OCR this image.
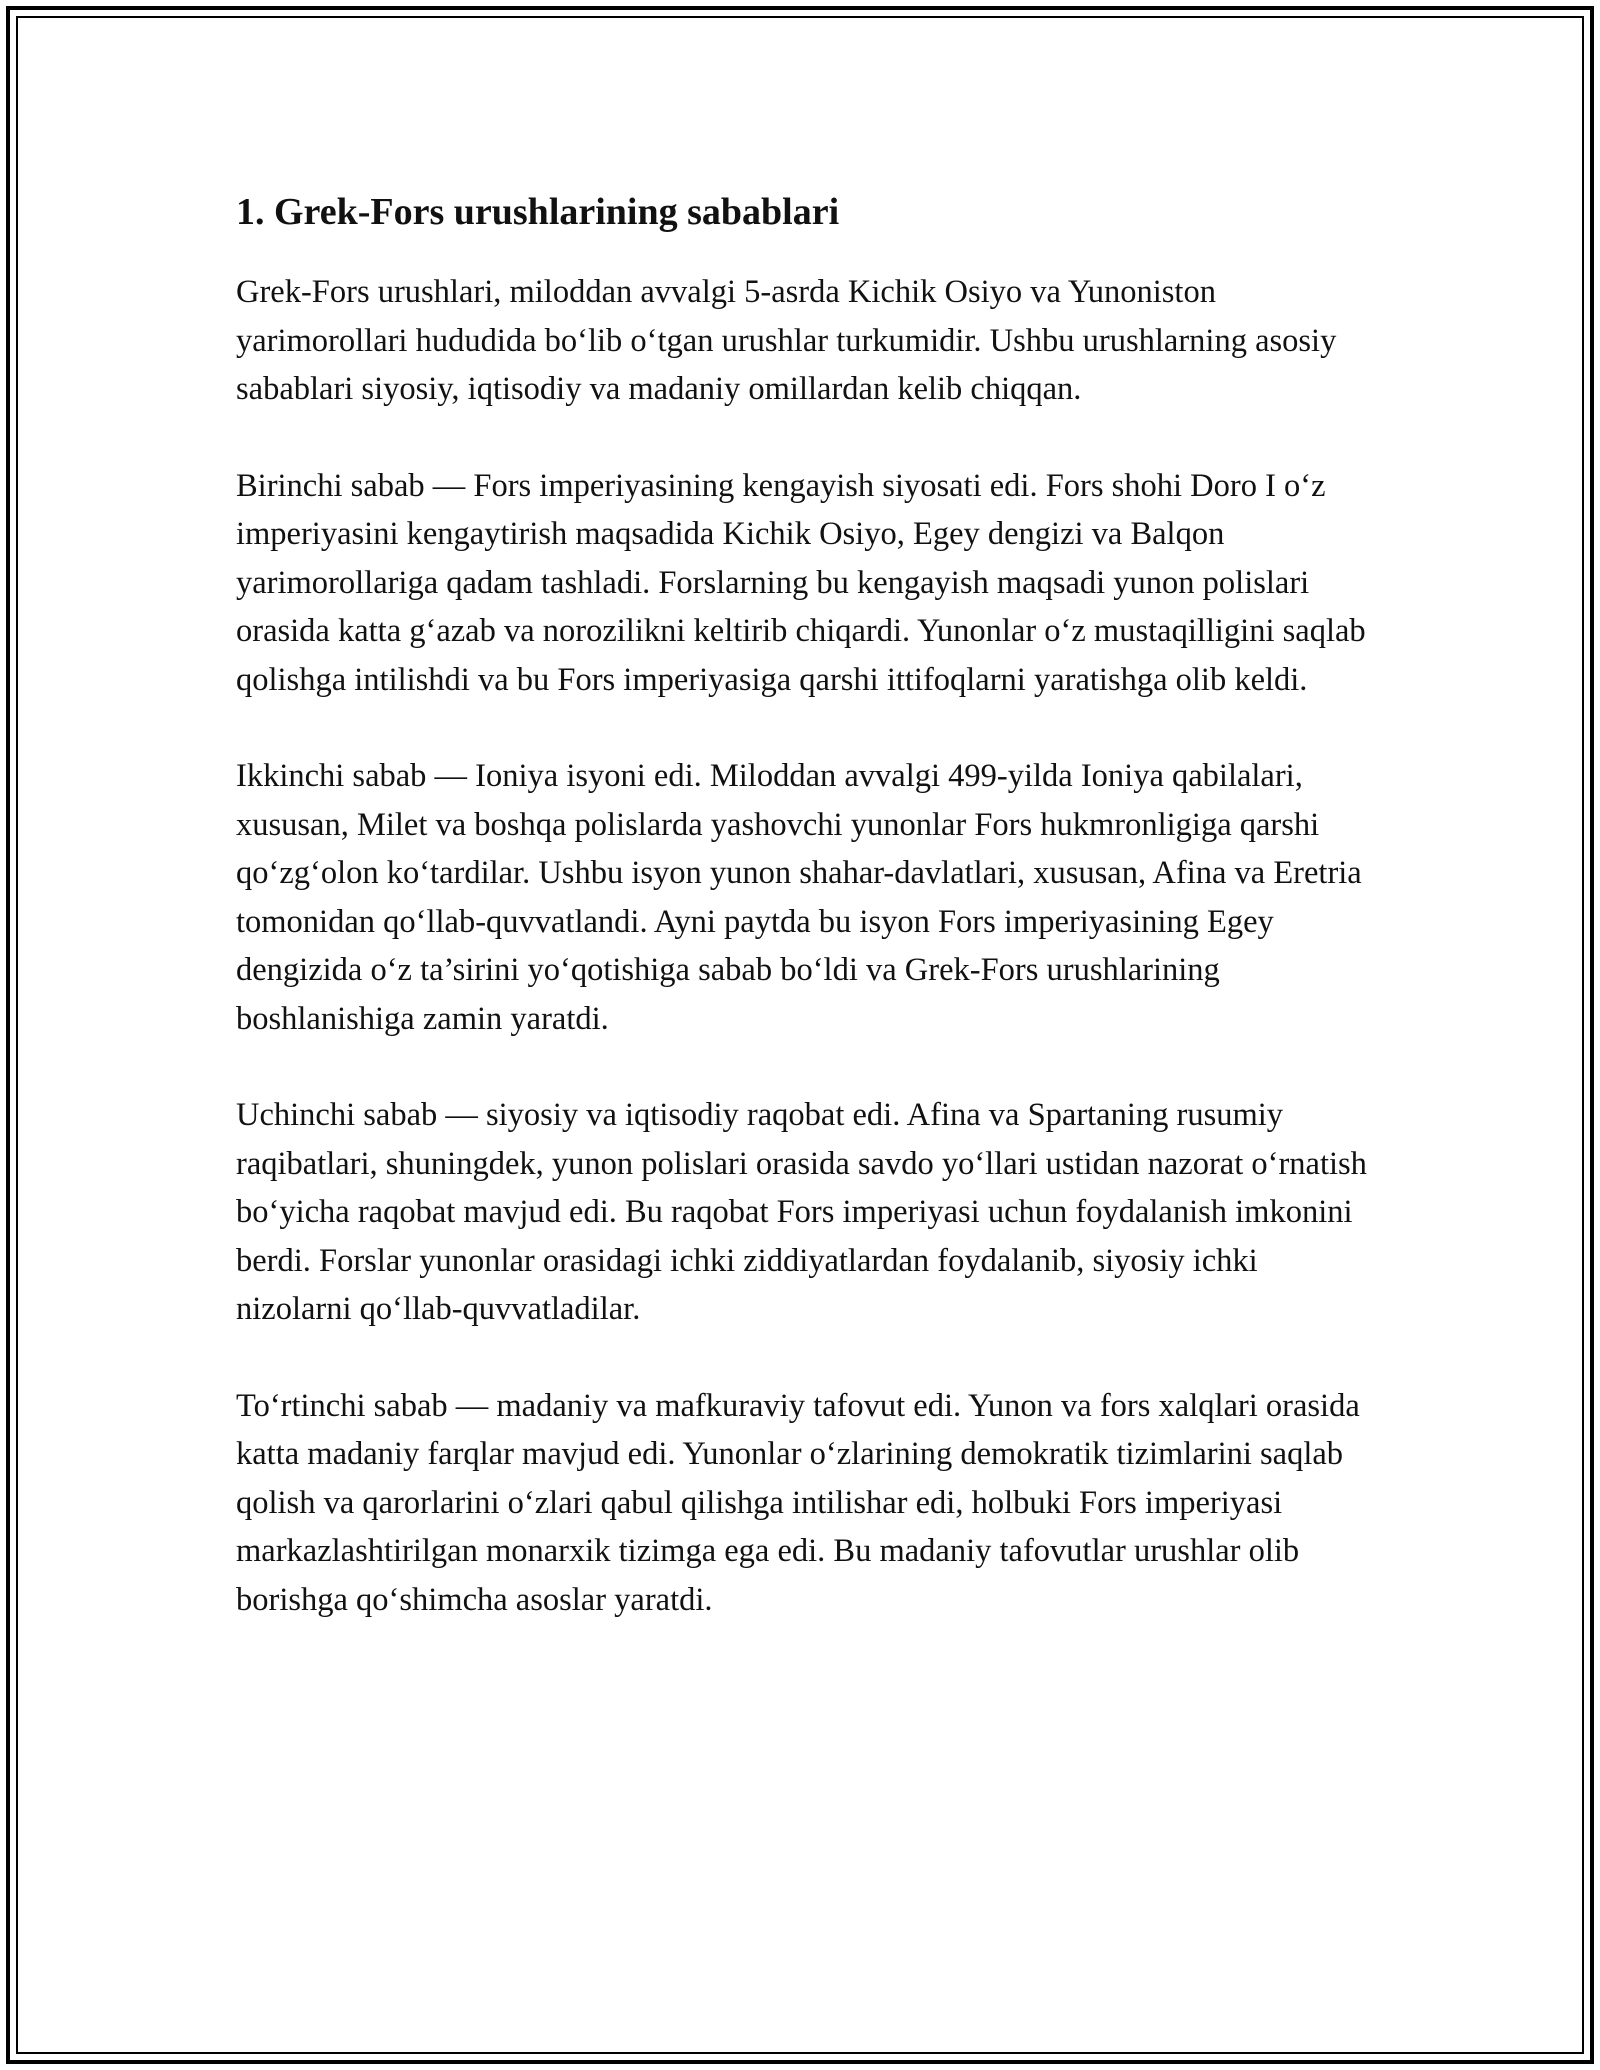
1. Grek-Fors urushlarining sabablari

Grek-Fors urushlari, miloddan avvalgi 5-asrda Kichik Osiyo va Yunoniston yarimorollari hududida bo‘lib o‘tgan urushlar turkumidir. Ushbu urushlarning asosiy sabablari siyosiy, iqtisodiy va madaniy omillardan kelib chiqqan.

Birinchi sabab — Fors imperiyasining kengayish siyosati edi. Fors shohi Doro I o‘z imperiyasini kengaytirish maqsadida Kichik Osiyo, Egey dengizi va Balqon yarimorollariga qadam tashladi. Forslarning bu kengayish maqsadi yunon polislari orasida katta g‘azab va norozilikni keltirib chiqardi. Yunonlar o‘z mustaqilligini saqlab qolishga intilishdi va bu Fors imperiyasiga qarshi ittifoqlarni yaratishga olib keldi.

Ikkinchi sabab — Ioniya isyoni edi. Miloddan avvalgi 499-yilda Ioniya qabilalari, xususan, Milet va boshqa polislarda yashovchi yunonlar Fors hukmronligiga qarshi qo‘zg‘olon ko‘tardilar. Ushbu isyon yunon shahar-davlatlari, xususan, Afina va Eretria tomonidan qo‘llab-quvvatlandi. Ayni paytda bu isyon Fors imperiyasining Egey dengizida o‘z ta’sirini yo‘qotishiga sabab bo‘ldi va Grek-Fors urushlarining boshlanishiga zamin yaratdi.

Uchinchi sabab — siyosiy va iqtisodiy raqobat edi. Afina va Spartaning rusumiy raqibatlari, shuningdek, yunon polislari orasida savdo yo‘llari ustidan nazorat o‘rnatish bo‘yicha raqobat mavjud edi. Bu raqobat Fors imperiyasi uchun foydalanish imkonini berdi. Forslar yunonlar orasidagi ichki ziddiyatlardan foydalanib, siyosiy ichki nizolarni qo‘llab-quvvatladilar.

To‘rtinchi sabab — madaniy va mafkuraviy tafovut edi. Yunon va fors xalqlari orasida katta madaniy farqlar mavjud edi. Yunonlar o‘zlarining demokratik tizimlarini saqlab qolish va qarorlarini o‘zlari qabul qilishga intilishar edi, holbuki Fors imperiyasi markazlashtirilgan monarxik tizimga ega edi. Bu madaniy tafovutlar urushlar olib borishga qo‘shimcha asoslar yaratdi.
